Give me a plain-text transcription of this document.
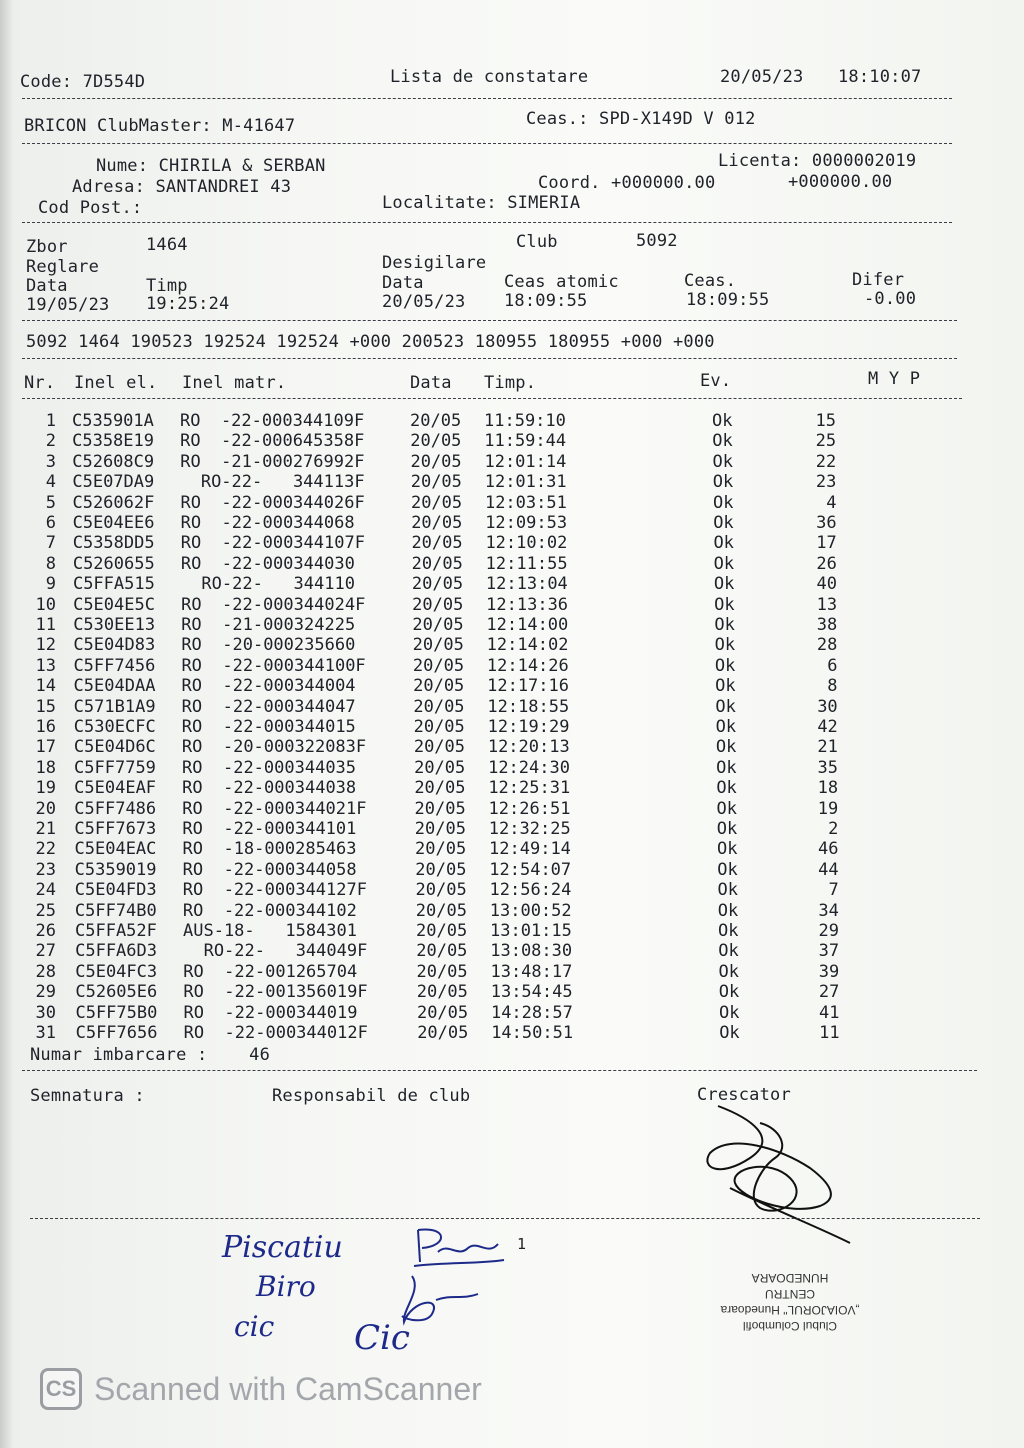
Code: 7D554D	Lista de constatare	20/05/23 18:10:07
BRICON ClubMaster: M-41647	Ceas.: SPD-X149D V 012
Nume: CHIRILA & SERBAN	Licenta: 0000002019
Adresa: SANTANDREI 43	Coord. +000000.00	+000000.00
Cod Post.:	Localitate: SIMERIA
Zbor	1464	Club	5092
Reglare	Desigilare
Data	Timp	Data	Ceas atomic	Ceas.	Difer
19/05/23 19:25:24	20/05/23 18:09:55	18:09:55	-0.00
5092 1464 190523 192524 192524 +000 200523 180955 180955 +000 +000
Nr. Inel el. Inel matr.	Data Timp.	Ev.	M Y P
1 C535901A RO  -22-000344109F	20/05 11:59:10	Ok	15
2 C5358E19 RO  -22-000645358F	20/05 11:59:44	Ok	25
3 C52608C9 RO  -21-000276992F	20/05 12:01:14	Ok	22
4 C5E07DA9 RO-22-   344113F	20/05 12:01:31	Ok	23
5 C526062F RO  -22-000344026F	20/05 12:03:51	Ok	4
6 C5E04EE6 RO  -22-000344068	20/05 12:09:53	Ok	36
7 C5358DD5 RO  -22-000344107F	20/05 12:10:02	Ok	17
8 C5260655 RO  -22-000344030	20/05 12:11:55	Ok	26
9 C5FFA515 RO-22-   344110	20/05 12:13:04	Ok	40
10 C5E04E5C RO  -22-000344024F	20/05 12:13:36	Ok	13
11 C530EE13 RO  -21-000324225	20/05 12:14:00	Ok	38
12 C5E04D83 RO  -20-000235660	20/05 12:14:02	Ok	28
13 C5FF7456 RO  -22-000344100F	20/05 12:14:26	Ok	6
14 C5E04DAA RO  -22-000344004	20/05 12:17:16	Ok	8
15 C571B1A9 RO  -22-000344047	20/05 12:18:55	Ok	30
16 C530ECFC RO  -22-000344015	20/05 12:19:29	Ok	42
17 C5E04D6C RO  -20-000322083F	20/05 12:20:13	Ok	21
18 C5FF7759 RO  -22-000344035	20/05 12:24:30	Ok	35
19 C5E04EAF RO  -22-000344038	20/05 12:25:31	Ok	18
20 C5FF7486 RO  -22-000344021F	20/05 12:26:51	Ok	19
21 C5FF7673 RO  -22-000344101	20/05 12:32:25	Ok	2
22 C5E04EAC RO  -18-000285463	20/05 12:49:14	Ok	46
23 C5359019 RO  -22-000344058	20/05 12:54:07	Ok	44
24 C5E04FD3 RO  -22-000344127F	20/05 12:56:24	Ok	7
25 C5FF74B0 RO  -22-000344102	20/05 13:00:52	Ok	34
26 C5FFA52F AUS-18-   1584301	20/05 13:01:15	Ok	29
27 C5FFA6D3 RO-22-   344049F	20/05 13:08:30	Ok	37
28 C5E04FC3 RO  -22-001265704	20/05 13:48:17	Ok	39
29 C52605E6 RO  -22-001356019F	20/05 13:54:45	Ok	27
30 C5FF75B0 RO  -22-000344019	20/05 14:28:57	Ok	41
31 C5FF7656 RO  -22-000344012F	20/05 14:50:51	Ok	11
Numar imbarcare : 46
Semnatura :	Responsabil de club	Crescator
Piscatiu
Biro
cic Cic
1
Clubul Columbofil
„VOIAJORUL" Hunedoara
CENTRU
HUNEDOARA
CS Scanned with CamScanner
